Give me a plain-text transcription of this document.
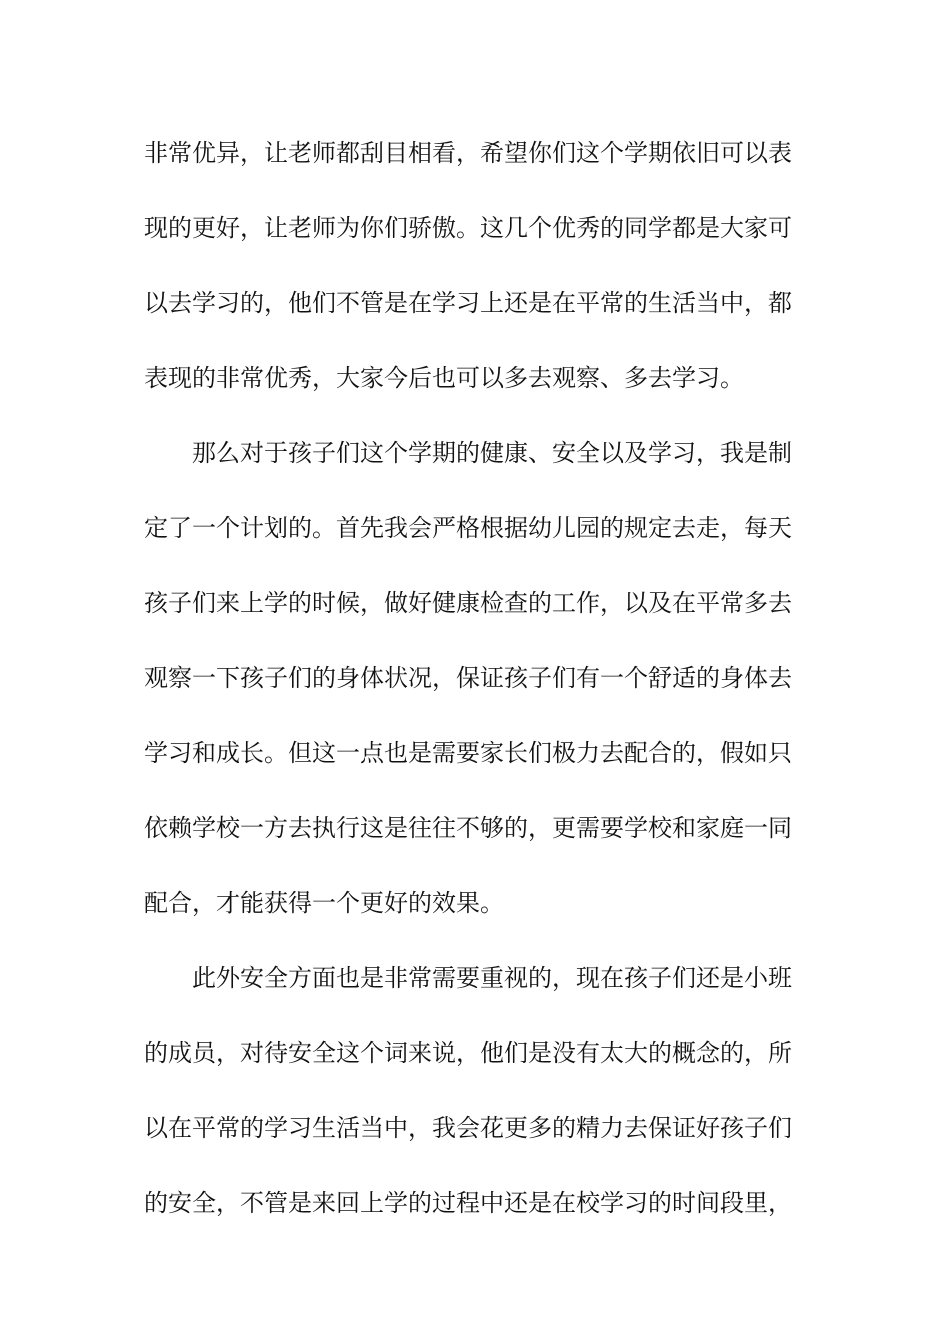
非常优异，让老师都刮目相看，希望你们这个学期依旧可以表
现的更好，让老师为你们骄傲。这几个优秀的同学都是大家可
以去学习的，他们不管是在学习上还是在平常的生活当中，都
表现的非常优秀，大家今后也可以多去观察、多去学习。
那么对于孩子们这个学期的健康、安全以及学习，我是制
定了一个计划的。首先我会严格根据幼儿园的规定去走，每天
孩子们来上学的时候，做好健康检查的工作，以及在平常多去
观察一下孩子们的身体状况，保证孩子们有一个舒适的身体去
学习和成长。但这一点也是需要家长们极力去配合的，假如只
依赖学校一方去执行这是往往不够的，更需要学校和家庭一同
配合，才能获得一个更好的效果。
此外安全方面也是非常需要重视的，现在孩子们还是小班
的成员，对待安全这个词来说，他们是没有太大的概念的，所
以在平常的学习生活当中，我会花更多的精力去保证好孩子们
的安全，不管是来回上学的过程中还是在校学习的时间段里，
